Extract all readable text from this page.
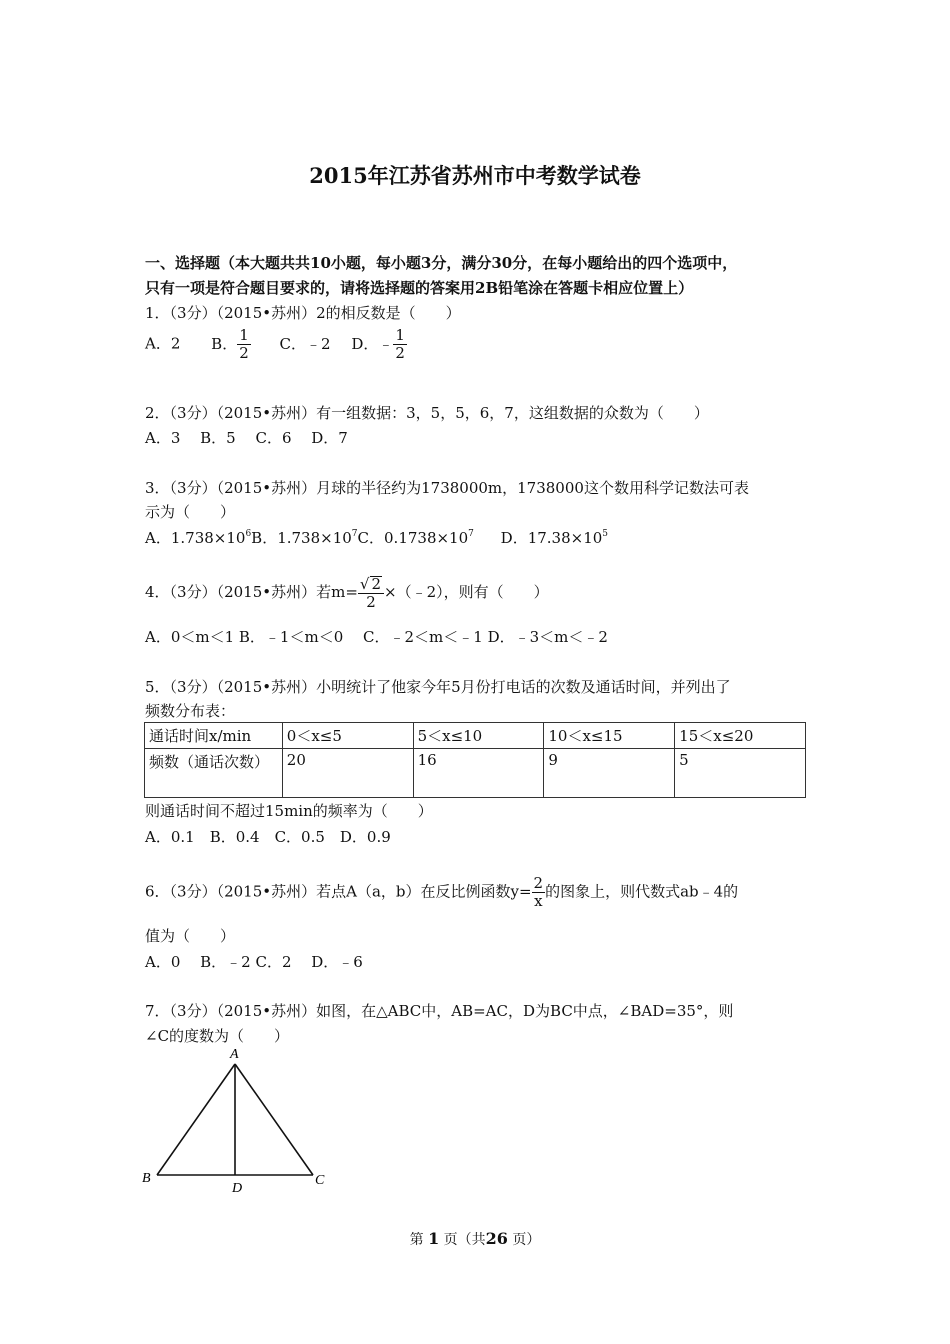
2015年江苏省苏州市中考数学试卷
一、选择题（本大题共共10小题，每小题3分，满分30分，在每小题给出的四个选项中，
只有一项是符合题目要求的，请将选择题的答案用2B铅笔涂在答题卡相应位置上）
1．（3分）（2015•苏州）2的相反数是（　　）
A．2 B． $\frac{1}{2}$ C．﹣2 D．﹣ $\frac{1}{2}$
2．（3分）（2015•苏州）有一组数据：3，5，5，6，7，这组数据的众数为（　　）
A．3　 B．5　 C．6　 D．7
3．（3分）（2015•苏州）月球的半径约为1738000m，1738000这个数用科学记数法可表
示为（　　）
A．$1.738\times 10^6B$．$1.738\times 10^7C$．$0.1738\times 10^7$ D．$17.38\times 10^5$
4．（3分）（2015•苏州）若$m= \frac{√ 2}{2}$ ×（﹣2），则有（　　）
A．0＜m＜1 B．﹣1＜m＜0　 C．﹣2＜m＜﹣1 D．﹣3＜m＜﹣2
5．（3分）（2015•苏州）小明统计了他家今年5月份打电话的次数及通话时间，并列出了
频数分布表：
通话时间x/min	0＜x≤5	5＜x≤10	10＜x≤15	15＜x≤20
频数（通话次数）	20	16	9	5
则通话时间不超过15min的频率为（　　）
A．0.1　B．0.4　C．0.5　D．0.9
6．（3分）（2015•苏州）若点A（a，b）在反比例函数$y= \frac{2}{x}$ 的图象上，则代数式ab﹣4的
值为（　　）
A．0　 B．﹣2 C．2　 D．﹣6
7．（3分）（2015•苏州）如图，在△ABC中，AB=AC，D为BC中点，∠BAD=35°，则
∠C的度数为（　　）
A
B	C
D
第 1 页（共26 页）
